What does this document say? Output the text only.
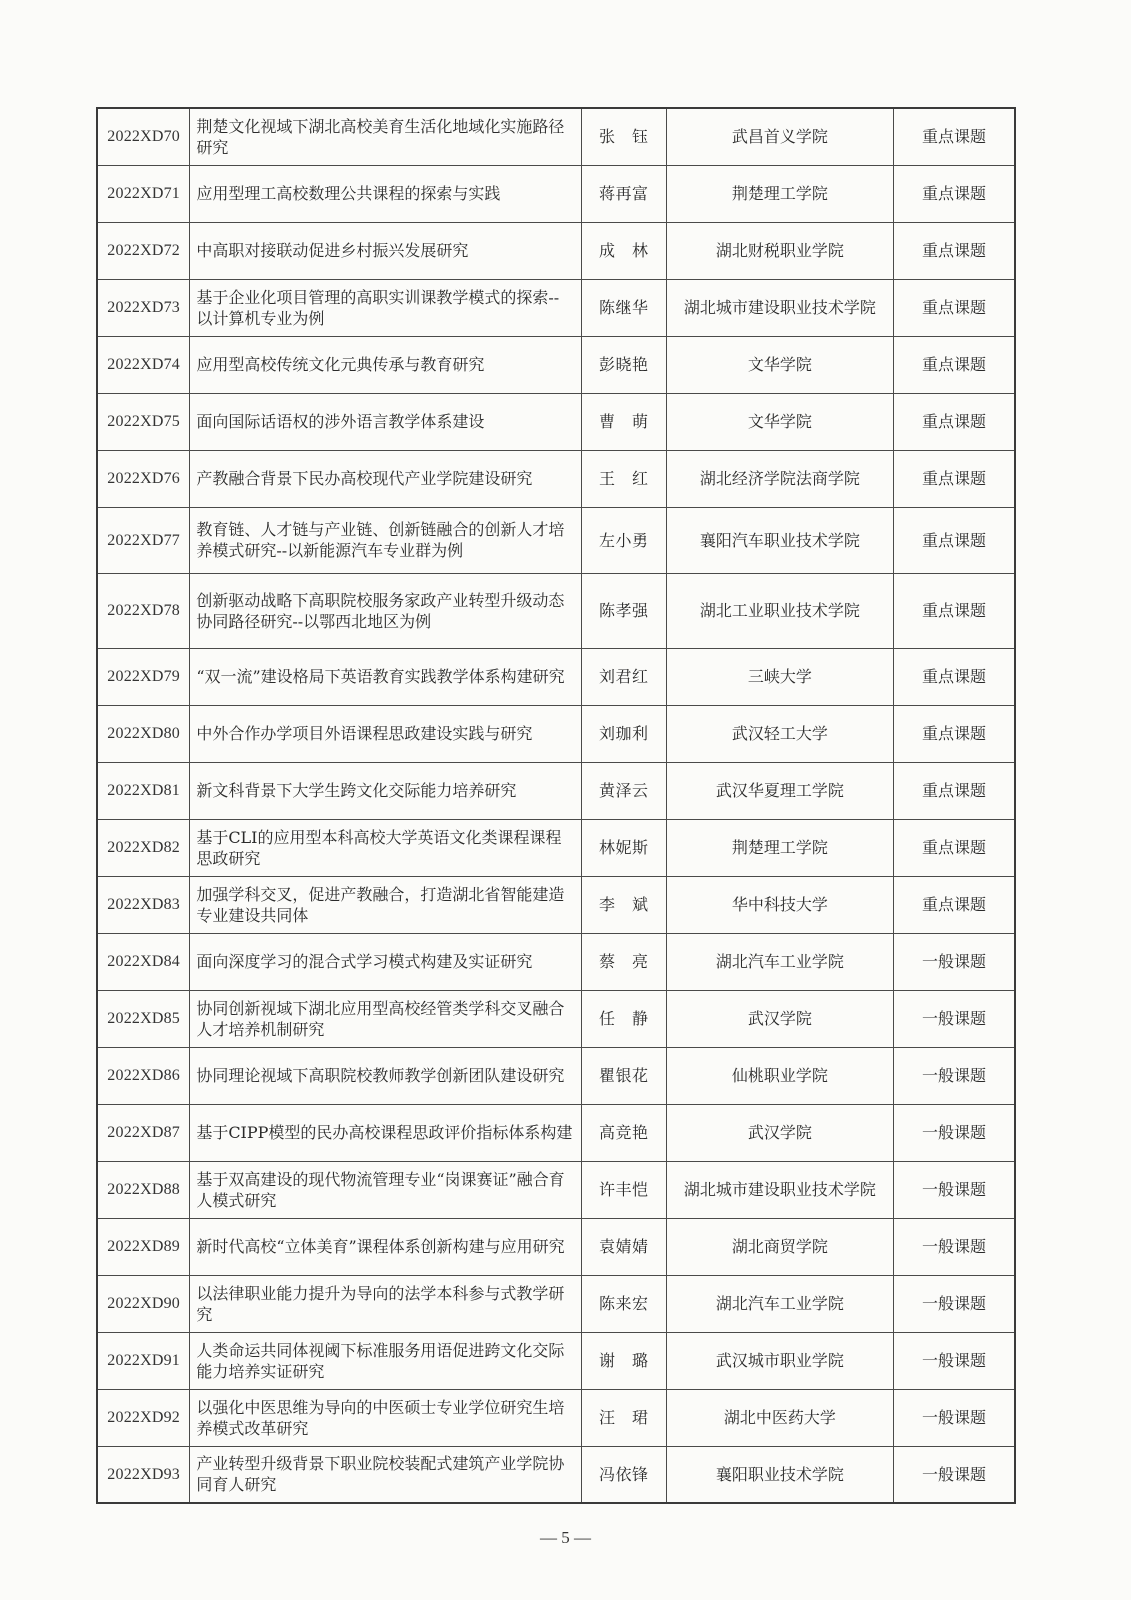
2022XD70	荆楚文化视域下湖北高校美育生活化地域化实施路径研究	张　钰	武昌首义学院	重点课题
2022XD71	应用型理工高校数理公共课程的探索与实践	蒋再富	荆楚理工学院	重点课题
2022XD72	中高职对接联动促进乡村振兴发展研究	成　林	湖北财税职业学院	重点课题
2022XD73	基于企业化项目管理的高职实训课教学模式的探索--以计算机专业为例	陈继华	湖北城市建设职业技术学院	重点课题
2022XD74	应用型高校传统文化元典传承与教育研究	彭晓艳	文华学院	重点课题
2022XD75	面向国际话语权的涉外语言教学体系建设	曹　萌	文华学院	重点课题
2022XD76	产教融合背景下民办高校现代产业学院建设研究	王　红	湖北经济学院法商学院	重点课题
2022XD77	教育链、人才链与产业链、创新链融合的创新人才培养模式研究--以新能源汽车专业群为例	左小勇	襄阳汽车职业技术学院	重点课题
2022XD78	创新驱动战略下高职院校服务家政产业转型升级动态协同路径研究--以鄂西北地区为例	陈孝强	湖北工业职业技术学院	重点课题
2022XD79	“双一流”建设格局下英语教育实践教学体系构建研究	刘君红	三峡大学	重点课题
2022XD80	中外合作办学项目外语课程思政建设实践与研究	刘珈利	武汉轻工大学	重点课题
2022XD81	新文科背景下大学生跨文化交际能力培养研究	黄泽云	武汉华夏理工学院	重点课题
2022XD82	基于CLI的应用型本科高校大学英语文化类课程课程思政研究	林妮斯	荆楚理工学院	重点课题
2022XD83	加强学科交叉，促进产教融合，打造湖北省智能建造专业建设共同体	李　斌	华中科技大学	重点课题
2022XD84	面向深度学习的混合式学习模式构建及实证研究	蔡　亮	湖北汽车工业学院	一般课题
2022XD85	协同创新视域下湖北应用型高校经管类学科交叉融合人才培养机制研究	任　静	武汉学院	一般课题
2022XD86	协同理论视域下高职院校教师教学创新团队建设研究	瞿银花	仙桃职业学院	一般课题
2022XD87	基于CIPP模型的民办高校课程思政评价指标体系构建	高竞艳	武汉学院	一般课题
2022XD88	基于双高建设的现代物流管理专业“岗课赛证”融合育人模式研究	许丰恺	湖北城市建设职业技术学院	一般课题
2022XD89	新时代高校“立体美育”课程体系创新构建与应用研究	袁婧婧	湖北商贸学院	一般课题
2022XD90	以法律职业能力提升为导向的法学本科参与式教学研究	陈来宏	湖北汽车工业学院	一般课题
2022XD91	人类命运共同体视阈下标准服务用语促进跨文化交际能力培养实证研究	谢　璐	武汉城市职业学院	一般课题
2022XD92	以强化中医思维为导向的中医硕士专业学位研究生培养模式改革研究	汪　珺	湖北中医药大学	一般课题
2022XD93	产业转型升级背景下职业院校装配式建筑产业学院协同育人研究	冯依锋	襄阳职业技术学院	一般课题
— 5 —
